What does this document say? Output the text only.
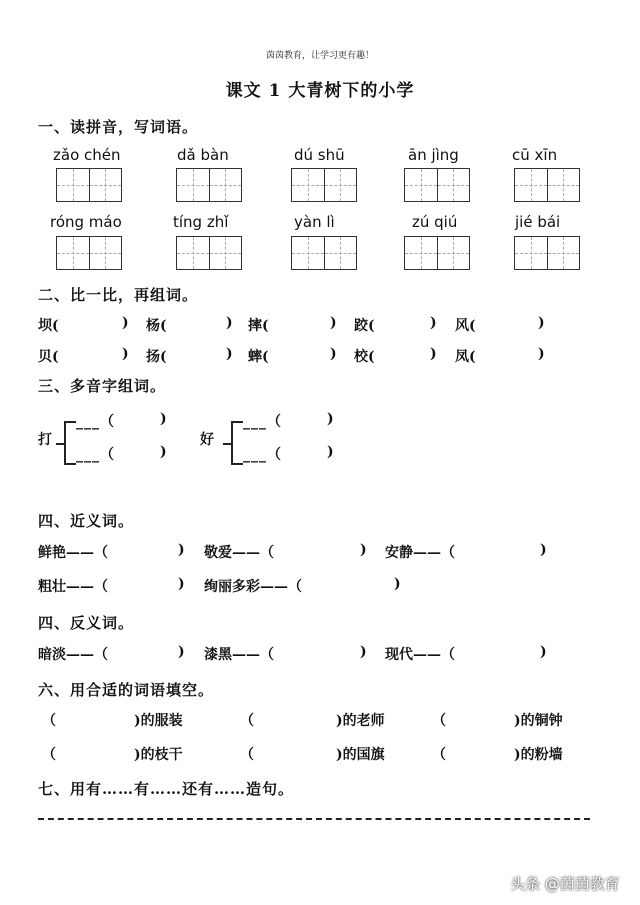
茵茵教育，让学习更有趣！
课文 1 大青树下的小学
一、读拼音，写词语。
zǎo chén	dǎ bàn	dú shū	ān jìng	cū xīn
róng máo	tíng zhǐ	yàn lì	zú qiú	jié bái
二、比一比，再组词。
坝(	) 杨(	) 摔(	) 跤(	) 风(	)
贝(	) 扬(	) 蟀(	) 校(	) 凤(	)
三、多音字组词。
打
___（	)
___（	)
好
___（	)
___（	)
四、近义词。
鲜艳——（	) 敬爱——（	) 安静——（	)
粗壮——（	) 绚丽多彩——（	)
四、反义词。
暗淡——（	) 漆黑——（	) 现代——（	)
六、用合适的词语填空。
（	)的服装	（	)的老师	（	)的铜钟
（	)的枝干	（	)的国旗	（	)的粉墙
七、用有……有……还有……造句。
头条 @茵茵教育
